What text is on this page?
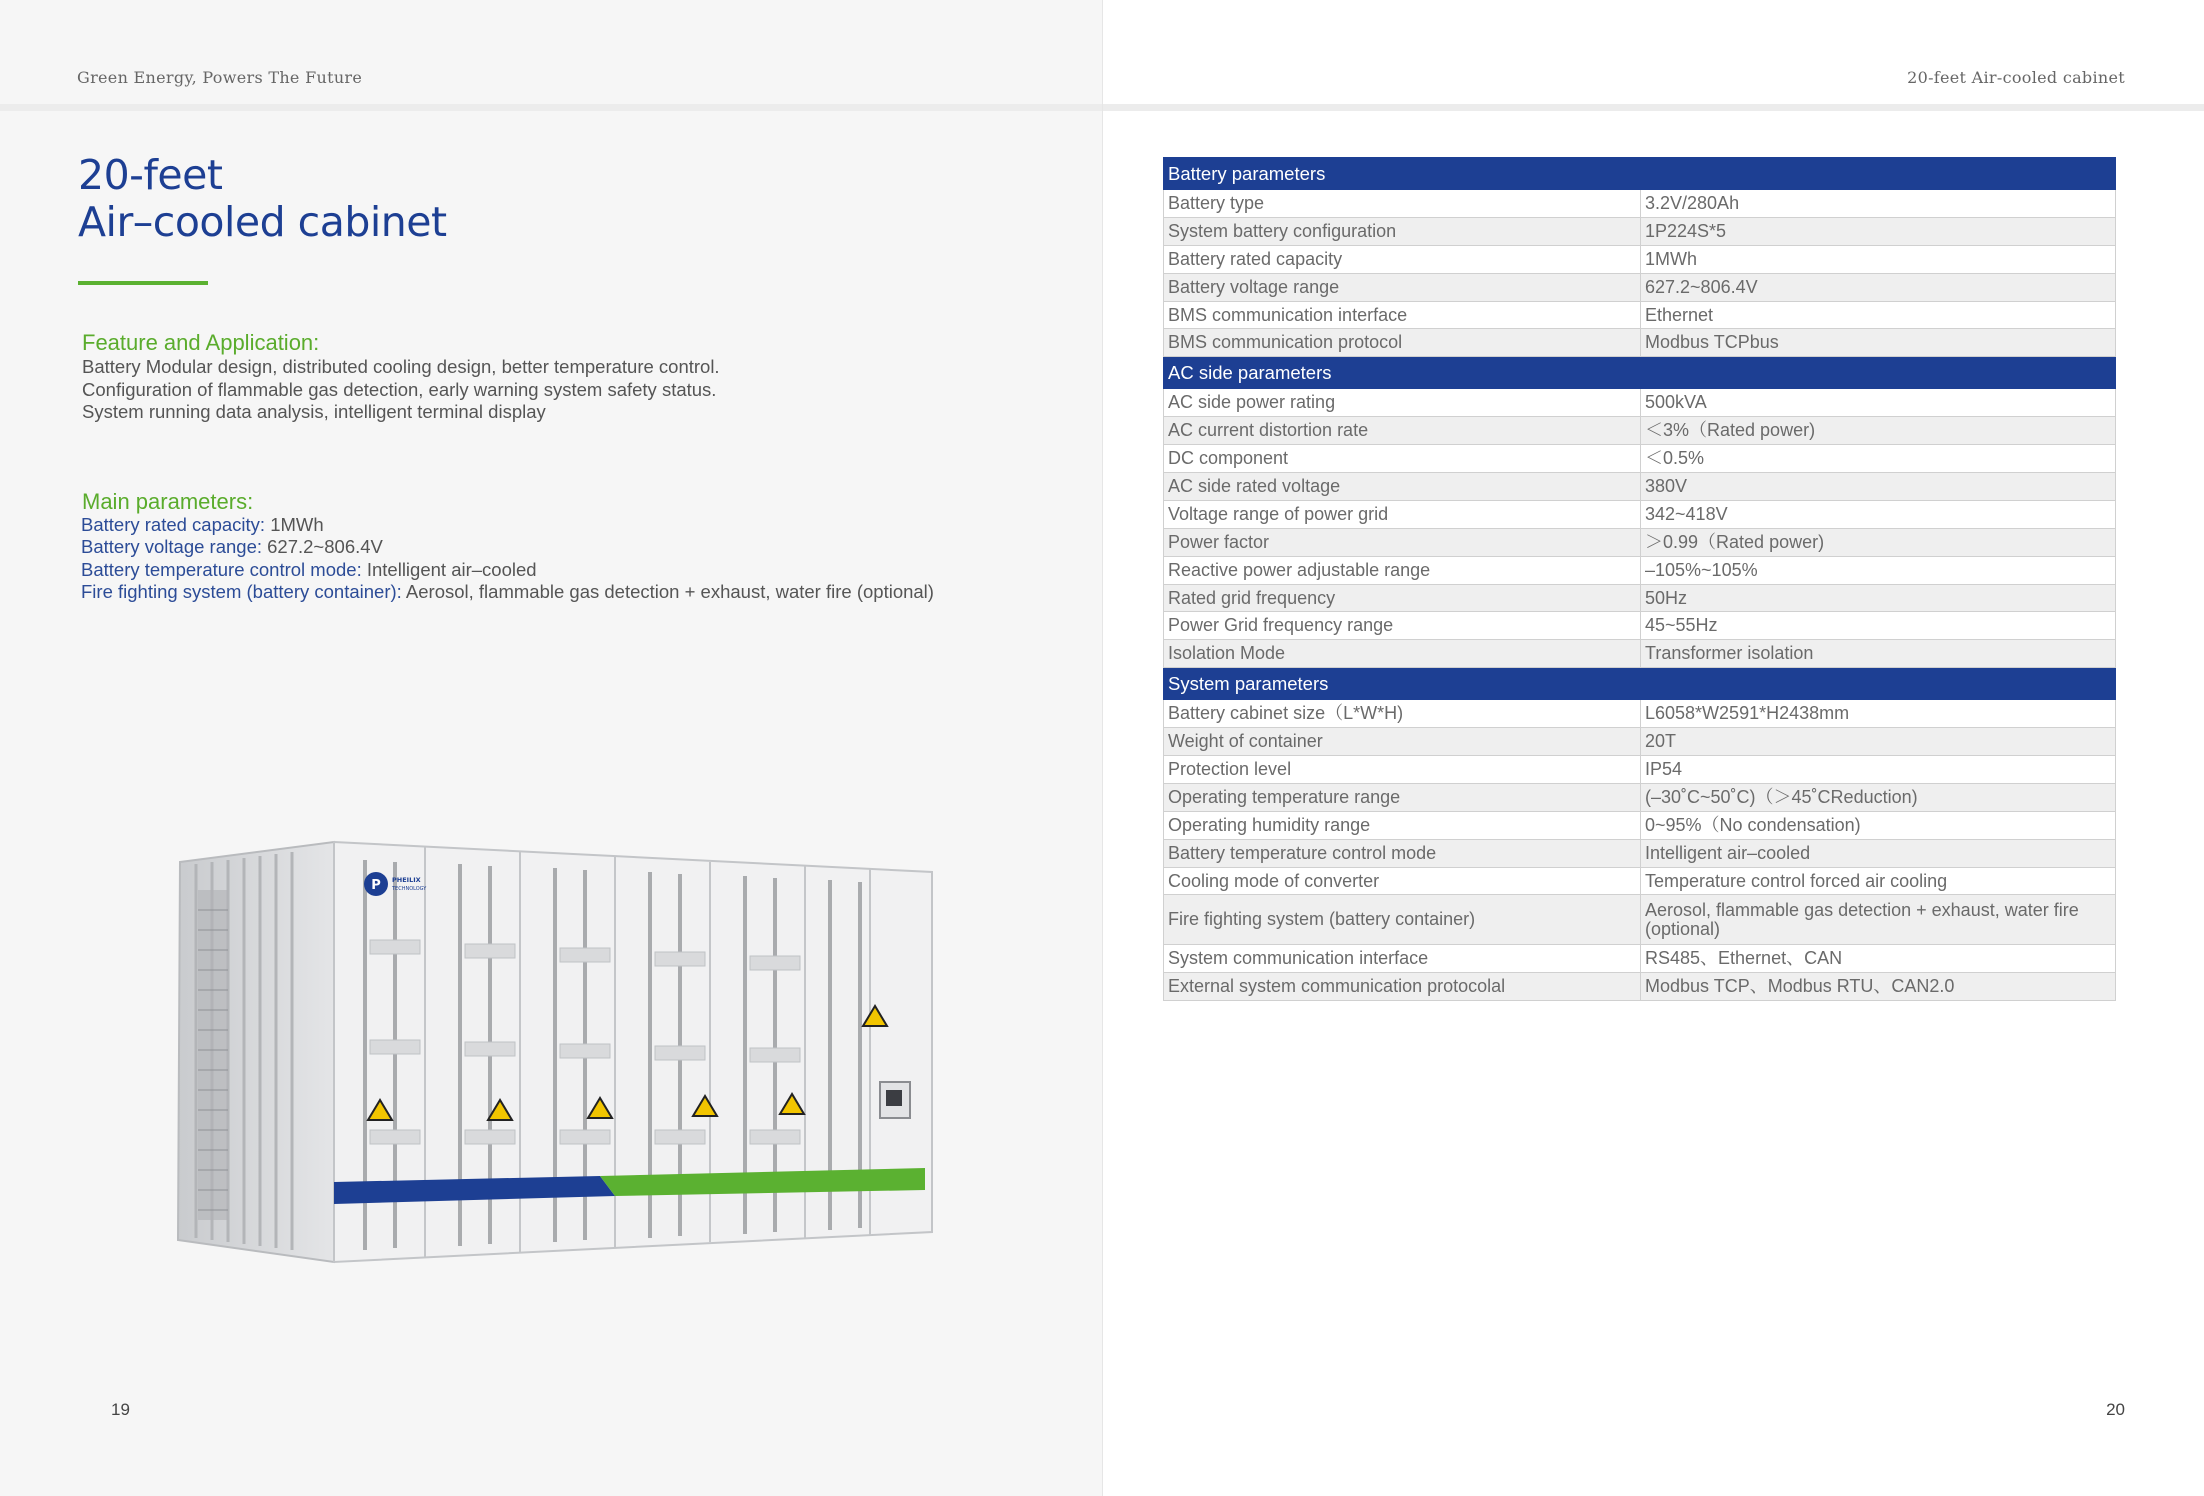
Green Energy, Powers The Future
20-feet
Air–cooled cabinet
Feature and Application:
Battery Modular design, distributed cooling design, better temperature control.
Configuration of flammable gas detection, early warning system safety status.
System running data analysis, intelligent terminal display
Main parameters:
Battery rated capacity: 1MWh
Battery voltage range: 627.2~806.4V
Battery temperature control mode: Intelligent air–cooled
Fire fighting system (battery container): Aerosol, flammable gas detection + exhaust, water fire (optional)
P PHEILIX
TECHNOLOGY
19
20-feet Air-cooled cabinet
20
Battery parameters	
Battery type	3.2V/280Ah
System battery configuration	1P224S*5
Battery rated capacity	1MWh
Battery voltage range	627.2~806.4V
BMS communication interface	Ethernet
BMS communication protocol	Modbus TCPbus
AC side parameters	
AC side power rating	500kVA
AC current distortion rate	＜3%（Rated power)
DC component	＜0.5%
AC side rated voltage	380V
Voltage range of power grid	342~418V
Power factor	＞0.99（Rated power)
Reactive power adjustable range	–105%~105%
Rated grid frequency	50Hz
Power Grid frequency range	45~55Hz
Isolation Mode	Transformer isolation
System parameters	
Battery cabinet size（L*W*H)	L6058*W2591*H2438mm
Weight of container	20T
Protection level	IP54
Operating temperature range	(–30˚C~50˚C)（＞45˚CReduction)
Operating humidity range	0~95%（No condensation)
Battery temperature control mode	Intelligent air–cooled
Cooling mode of converter	Temperature control forced air cooling
Fire fighting system (battery container)	Aerosol, flammable gas detection + exhaust, water fire (optional)
System communication interface	RS485、Ethernet、CAN
External system communication protocolal	Modbus TCP、Modbus RTU、CAN2.0
